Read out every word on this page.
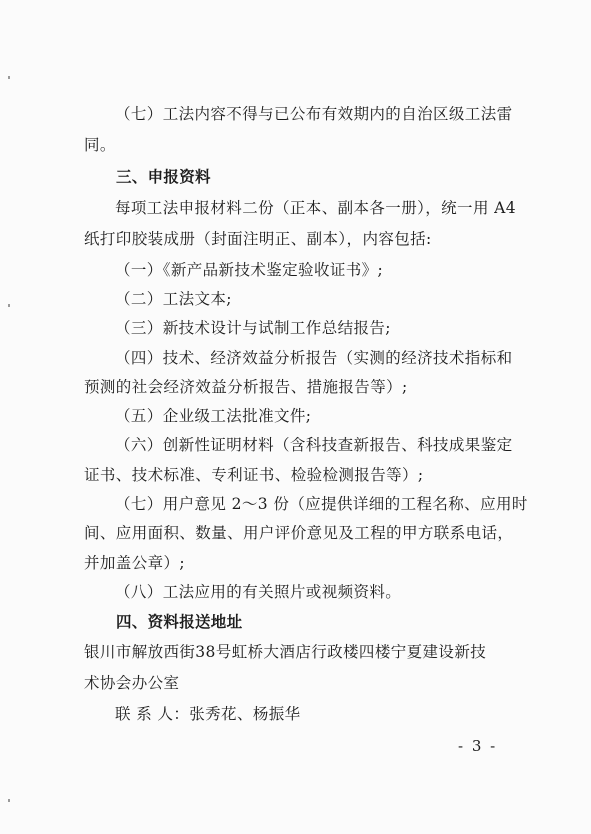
（七）工法内容不得与已公布有效期内的自治区级工法雷
同。
三、申报资料
每项工法申报材料二份（正本、副本各一册），统一用 A4
纸打印胶装成册（封面注明正、副本），内容包括:
（一）《新产品新技术鉴定验收证书》;
（二）工法文本;
（三）新技术设计与试制工作总结报告;
（四）技术、经济效益分析报告（实测的经济技术指标和
预测的社会经济效益分析报告、措施报告等）;
（五）企业级工法批准文件;
（六）创新性证明材料（含科技查新报告、科技成果鉴定
证书、技术标准、专利证书、检验检测报告等）;
（七）用户意见 2～3 份（应提供详细的工程名称、应用时
间、应用面积、数量、用户评价意见及工程的甲方联系电话，
并加盖公章）;
（八）工法应用的有关照片或视频资料。
四、资料报送地址
银川市解放西街38号虹桥大酒店行政楼四楼宁夏建设新技
术协会办公室
联 系 人：张秀花、杨振华
- 3 -
